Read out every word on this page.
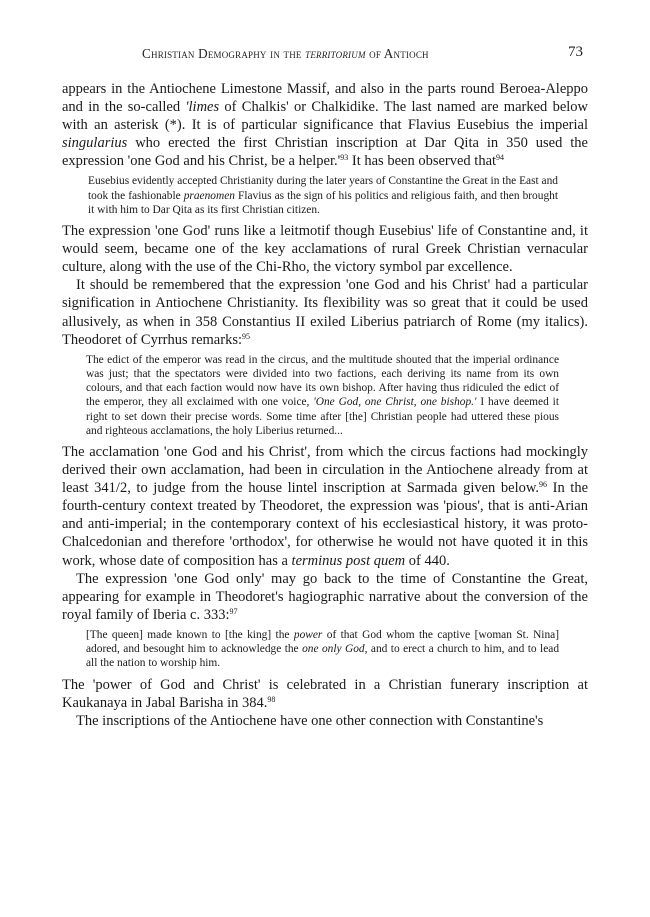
Christian Demography in the territorium of Antioch	73

appears in the Antiochene Limestone Massif, and also in the parts round Beroea-Aleppo and in the so-called 'limes of Chalkis' or Chalkidike. The last named are marked below with an asterisk (*). It is of particular significance that Flavius Eusebius the imperial singularius who erected the first Christian inscription at Dar Qita in 350 used the expression 'one God and his Christ, be a $helper.'^{93}$ It has been observed that$^{94}$

Eusebius evidently accepted Christianity during the later years of Constantine the Great in the East and took the fashionable praenomen Flavius as the sign of his politics and religious faith, and then brought it with him to Dar Qita as its first Christian citizen.

The expression 'one God' runs like a leitmotif though Eusebius' life of Constantine and, it would seem, became one of the key acclamations of rural Greek Christian vernacular culture, along with the use of the Chi-Rho, the victory symbol par excellence.

It should be remembered that the expression 'one God and his Christ' had a particular signification in Antiochene Christianity. Its flexibility was so great that it could be used allusively, as when in 358 Constantius II exiled Liberius patriarch of Rome (my italics). Theodoret of Cyrrhus remarks:$^{95}$

The edict of the emperor was read in the circus, and the multitude shouted that the imperial ordinance was just; that the spectators were divided into two factions, each deriving its name from its own colours, and that each faction would now have its own bishop. After having thus ridiculed the edict of the emperor, they all exclaimed with one voice, 'One God, one Christ, one bishop.' I have deemed it right to set down their precise words. Some time after [the] Christian people had uttered these pious and righteous acclamations, the holy Liberius returned...

The acclamation 'one God and his Christ', from which the circus factions had mockingly derived their own acclamation, had been in circulation in the Antiochene already from at least 341/2, to judge from the house lintel inscription at Sarmada given below.$^{96}$ In the fourth-century context treated by Theodoret, the expression was 'pious', that is anti-Arian and anti-imperial; in the contemporary context of his ecclesiastical history, it was proto-Chalcedonian and therefore 'orthodox', for otherwise he would not have quoted it in this work, whose date of composition has a terminus post quem of 440.

The expression 'one God only' may go back to the time of Constantine the Great, appearing for example in Theodoret's hagiographic narrative about the conversion of the royal family of Iberia c. 333:$^{97}$

[The queen] made known to [the king] the power of that God whom the captive [woman St. Nina] adored, and besought him to acknowledge the one only God, and to erect a church to him, and to lead all the nation to worship him.

The 'power of God and Christ' is celebrated in a Christian funerary inscription at Kaukanaya in Jabal Barisha in 384.98

The inscriptions of the Antiochene have one other connection with Constantine's
